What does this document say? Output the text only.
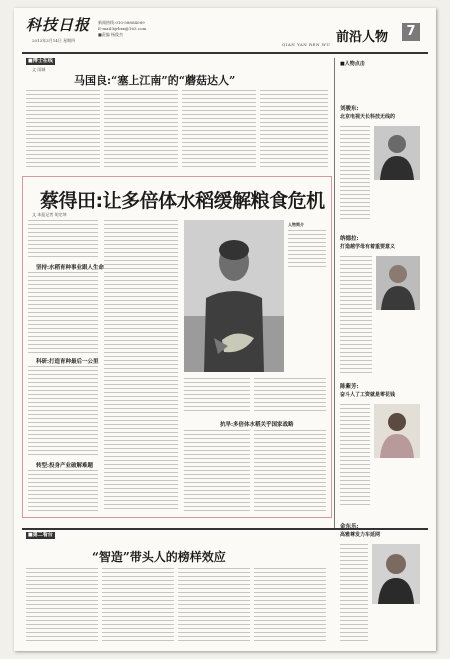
科技日报
2013年3月14日 星期四
新闻热线:010-58884089
E-mail:kjrbzx@163.com
■责编 杨俊杰
QIAN YAN REN WU 前沿人物	7
■博士在线
文 雨城
马国良:“塞上江南”的“蘑菇达人”
蔡得田:让多倍体水稻缓解粮食危机
文 本报记者 胡定坤
坚持:水稻育种事业跟人生命
科研:打造育种最后一公里
转型:投身产业破解难题
人物简介
抗旱:多倍体水稻关乎国家战略
■第二看台
“智造”带头人的榜样效应
■人物点击
刘骏东:
北京电视天长科技无线的
纳德拉:
打造越学母有着重要意义
陈紫芳:
奋斗人了工资就是零花钱
金东乐:
高雅尊发力车延网
